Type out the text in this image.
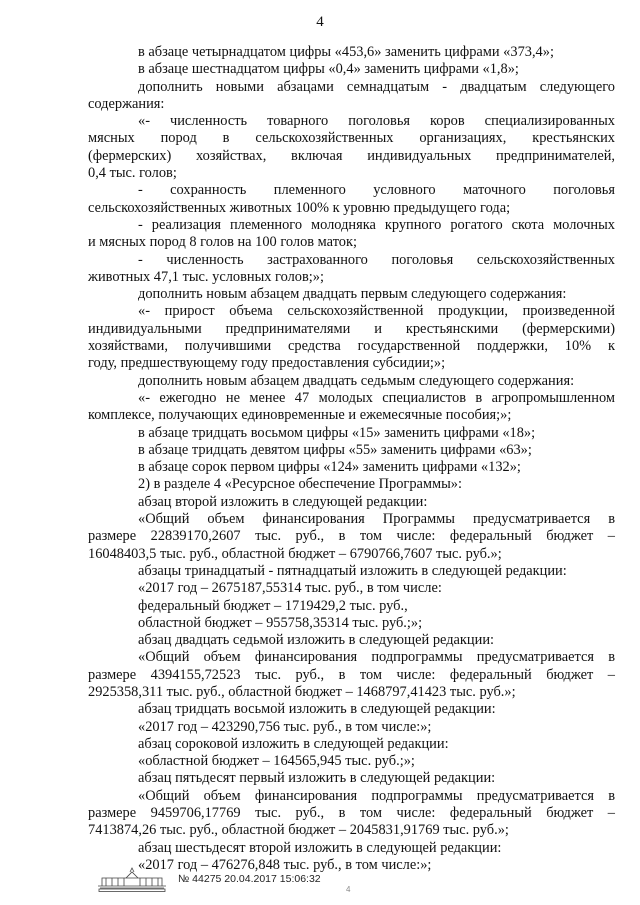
4
в абзаце четырнадцатом цифры «453,6» заменить цифрами «373,4»;
в абзаце шестнадцатом цифры «0,4» заменить цифрами «1,8»;
дополнить новыми абзацами семнадцатым - двадцатым следующего
содержания:
«- численность товарного поголовья коров специализированных
мясных пород в сельскохозяйственных организациях, крестьянских
(фермерских) хозяйствах, включая индивидуальных предпринимателей,
0,4 тыс. голов;
- сохранность племенного условного маточного поголовья
сельскохозяйственных животных 100% к уровню предыдущего года;
- реализация племенного молодняка крупного рогатого скота молочных
и мясных пород 8 голов на 100 голов маток;
- численность застрахованного поголовья сельскохозяйственных
животных 47,1 тыс. условных голов;»;
дополнить новым абзацем двадцать первым следующего содержания:
«- прирост объема сельскохозяйственной продукции, произведенной
индивидуальными предпринимателями и крестьянскими (фермерскими)
хозяйствами, получившими средства государственной поддержки, 10% к
году, предшествующему году предоставления субсидии;»;
дополнить новым абзацем двадцать седьмым следующего содержания:
«- ежегодно не менее 47 молодых специалистов в агропромышленном
комплексе, получающих единовременные и ежемесячные пособия;»;
в абзаце тридцать восьмом цифры «15» заменить цифрами «18»;
в абзаце тридцать девятом цифры «55» заменить цифрами «63»;
в абзаце сорок первом цифры «124» заменить цифрами «132»;
2) в разделе 4 «Ресурсное обеспечение Программы»:
абзац второй изложить в следующей редакции:
«Общий объем финансирования Программы предусматривается в
размере 22839170,2607 тыс. руб., в том числе: федеральный бюджет –
16048403,5 тыс. руб., областной бюджет – 6790766,7607 тыс. руб.»;
абзацы тринадцатый - пятнадцатый изложить в следующей редакции:
«2017 год – 2675187,55314 тыс. руб., в том числе:
федеральный бюджет – 1719429,2 тыс. руб.,
областной бюджет – 955758,35314 тыс. руб.;»;
абзац двадцать седьмой изложить в следующей редакции:
«Общий объем финансирования подпрограммы предусматривается в
размере 4394155,72523 тыс. руб., в том числе: федеральный бюджет –
2925358,311 тыс. руб., областной бюджет – 1468797,41423 тыс. руб.»;
абзац тридцать восьмой изложить в следующей редакции:
«2017 год – 423290,756 тыс. руб., в том числе:»;
абзац сороковой изложить в следующей редакции:
«областной бюджет – 164565,945 тыс. руб.;»;
абзац пятьдесят первый изложить в следующей редакции:
«Общий объем финансирования подпрограммы предусматривается в
размере 9459706,17769 тыс. руб., в том числе: федеральный бюджет –
7413874,26 тыс. руб., областной бюджет – 2045831,91769 тыс. руб.»;
абзац шестьдесят второй изложить в следующей редакции:
«2017 год – 476276,848 тыс. руб., в том числе:»;
№ 44275 20.04.2017 15:06:32
4
